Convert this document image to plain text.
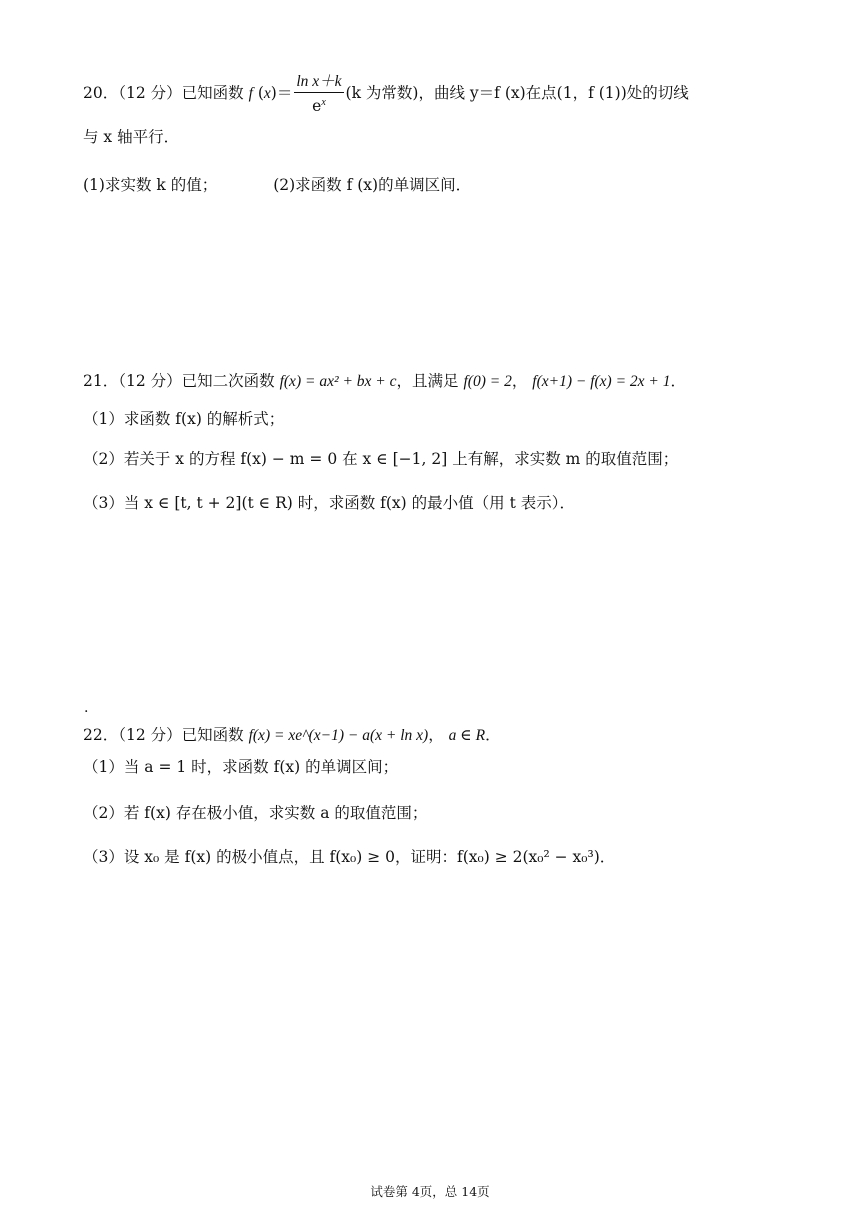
20．（12 分）已知函数 f $(x)= \frac{\text{ln x＋k}}{e^x} (k$ 为常数)，曲线 y＝f (x)在点(1，f (1))处的切线
与 x 轴平行．
(1)求实数 k 的值；	(2)求函数 f (x)的单调区间．
21．（12 分）已知二次函数 f(x) = ax² + bx + c，且满足 f(0) = 2， f(x+1) − f(x) = 2x + 1．
（1）求函数 f(x) 的解析式；
（2）若关于 x 的方程 f(x) − m = 0 在 x ∈ [−1, 2] 上有解，求实数 m 的取值范围；
（3）当 x ∈ [t, t + 2](t ∈ R) 时，求函数 f(x) 的最小值（用 t 表示）．
.
22．（12 分）已知函数 f(x) = xe^(x−1) − a(x + ln x)， a ∈ R．
（1）当 a = 1 时，求函数 f(x) 的单调区间；
（2）若 f(x) 存在极小值，求实数 a 的取值范围；
（3）设 x₀ 是 f(x) 的极小值点，且 f(x₀) ≥ 0，证明：f(x₀) ≥ 2(x₀² − x₀³)．
试卷第 4页，总 14页
